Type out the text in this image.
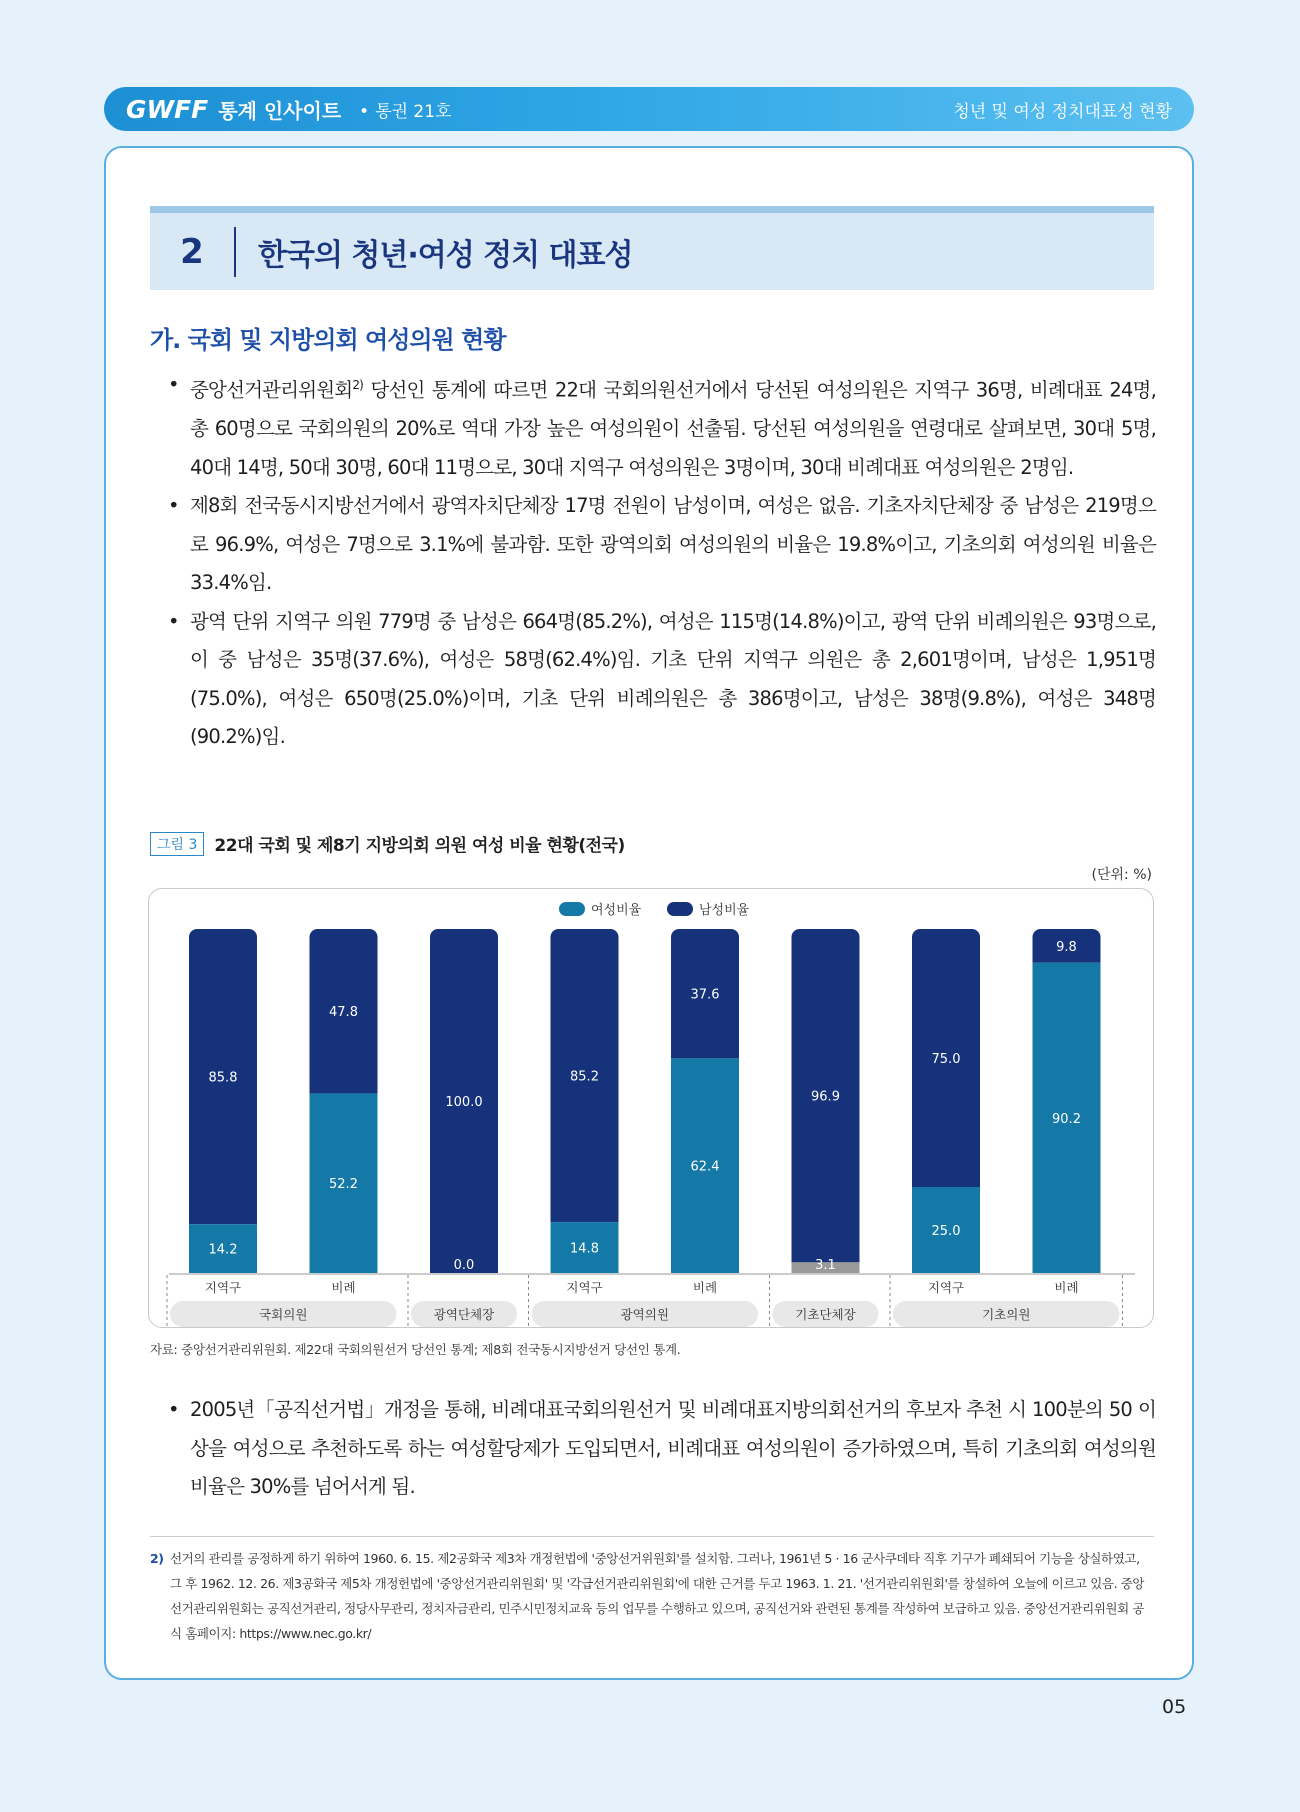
GWFF 통계 인사이트
•	통권 21호	청년 및 여성 정치대표성 현황
2	한국의 청년·여성 정치 대표성
가. 국회 및 지방의회 여성의원 현황
• 중앙선거관리위원회$^{2)}$ 당선인 통계에 따르면 22대 국회의원선거에서 당선된 여성의원은 지역구 36명, 비례대표 24명, 총 60명으로 국회의원의 20%로 역대 가장 높은 여성의원이 선출됨. 당선된 여성의원을 연령대로 살펴보면, 30대 5명, 40대 14명, 50대 30명, 60대 11명으로, 30대 지역구 여성의원은 3명이며, 30대 비례대표 여성의원은 2명임.
• 제8회 전국동시지방선거에서 광역자치단체장 17명 전원이 남성이며, 여성은 없음. 기초자치단체장 중 남성은 219명으로 96.9%, 여성은 7명으로 3.1%에 불과함. 또한 광역의회 여성의원의 비율은 19.8%이고, 기초의회 여성의원 비율은 33.4%임.
• 광역 단위 지역구 의원 779명 중 남성은 664명(85.2%), 여성은 115명(14.8%)이고, 광역 단위 비례의원은 93명으로, 이 중 남성은 35명(37.6%), 여성은 58명(62.4%)임. 기초 단위 지역구 의원은 총 2,601명이며, 남성은 1,951명(75.0%), 여성은 650명(25.0%)이며, 기초 단위 비례의원은 총 386명이고, 남성은 38명(9.8%), 여성은 348명(90.2%)임.
그림 3	22대 국회 및 제8기 지방의회 의원 여성 비율 현황(전국)
(단위: %)
여성비율	남성비율
85.8
14.2
47.8
52.2
100.0
0.0
85.2
14.8
37.6
62.4
96.9
3.1
75.0
25.0
9.8
90.2
지역구	비례	지역구	비례	지역구	비례
국회의원	광역단체장	광역의원	기초단체장	기초의원
자료: 중앙선거관리위원회. 제22대 국회의원선거 당선인 통계; 제8회 전국동시지방선거 당선인 통계.
• 2005년「공직선거법」개정을 통해, 비례대표국회의원선거 및 비례대표지방의회선거의 후보자 추천 시 100분의 50 이상을 여성으로 추천하도록 하는 여성할당제가 도입되면서, 비례대표 여성의원이 증가하였으며, 특히 기초의회 여성의원 비율은 30%를 넘어서게 됨.
2) 선거의 관리를 공정하게 하기 위하여 1960. 6. 15. 제2공화국 제3차 개정헌법에 '중앙선거위원회'를 설치함. 그러나, 1961년 5 · 16 군사쿠데타 직후 기구가 폐쇄되어 기능을 상실하였고, 그 후 1962. 12. 26. 제3공화국 제5차 개정헌법에 '중앙선거관리위원회' 및 '각급선거관리위원회'에 대한 근거를 두고 1963. 1. 21. '선거관리위원회'를 창설하여 오늘에 이르고 있음. 중앙선거관리위원회는 공직선거관리, 정당사무관리, 정치자금관리, 민주시민정치교육 등의 업무를 수행하고 있으며, 공직선거와 관련된 통계를 작성하여 보급하고 있음. 중앙선거관리위원회 공식 홈페이지: https://www.nec.go.kr/
05
